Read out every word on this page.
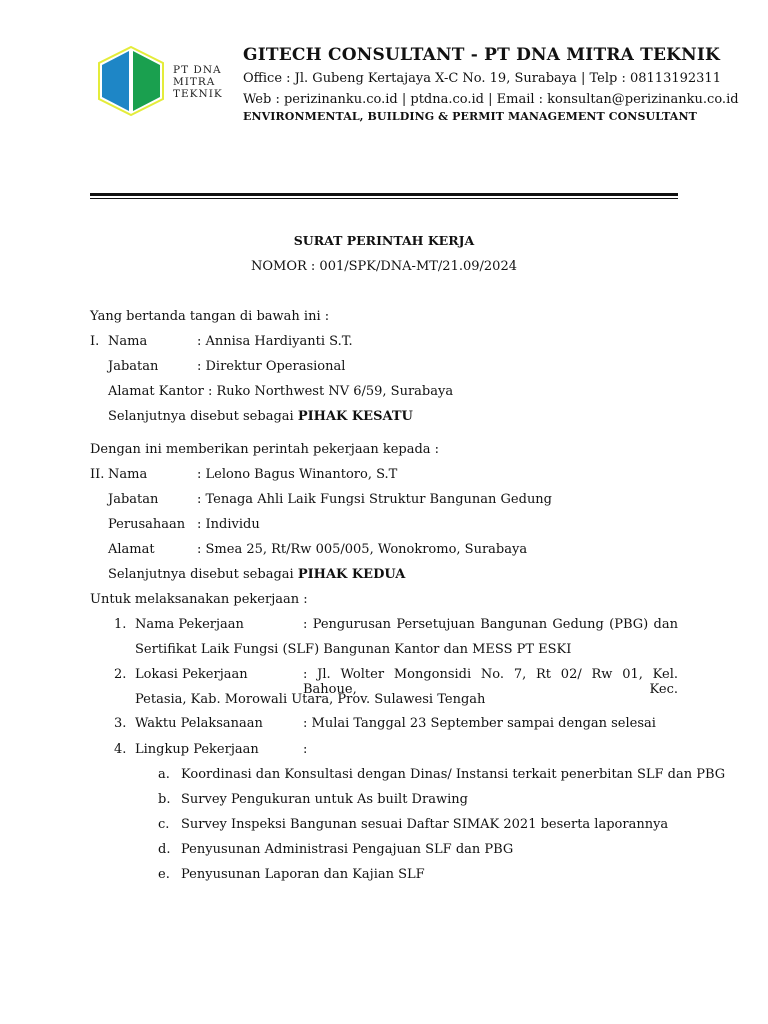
PT DNA
MITRA
TEKNIK
GITECH CONSULTANT - PT DNA MITRA TEKNIK
Office : Jl. Gubeng Kertajaya X-C No. 19, Surabaya | Telp : 08113192311
Web : perizinanku.co.id | ptdna.co.id | Email : konsultan@perizinanku.co.id
ENVIRONMENTAL, BUILDING & PERMIT MANAGEMENT CONSULTANT
SURAT PERINTAH KERJA
NOMOR : 001/SPK/DNA-MT/21.09/2024
Yang bertanda tangan di bawah ini :
I. Nama	: Annisa Hardiyanti S.T.
Jabatan	: Direktur Operasional
Alamat Kantor : Ruko Northwest NV 6/59, Surabaya
Selanjutnya disebut sebagai PIHAK KESATU
Dengan ini memberikan perintah pekerjaan kepada :
II. Nama	: Lelono Bagus Winantoro, S.T
Jabatan	: Tenaga Ahli Laik Fungsi Struktur Bangunan Gedung
Perusahaan : Individu
Alamat	: Smea 25, Rt/Rw 005/005, Wonokromo, Surabaya
Selanjutnya disebut sebagai PIHAK KEDUA
Untuk melaksanakan pekerjaan :
1. Nama Pekerjaan	: Pengurusan Persetujuan Bangunan Gedung (PBG) dan
Sertifikat Laik Fungsi (SLF) Bangunan Kantor dan MESS PT ESKI
2. Lokasi Pekerjaan	: Jl. Wolter Mongonsidi No. 7, Rt 02/ Rw 01, Kel. Bahoue, Kec.
Petasia, Kab. Morowali Utara, Prov. Sulawesi Tengah
3. Waktu Pelaksanaan	: Mulai Tanggal 23 September sampai dengan selesai
4. Lingkup Pekerjaan	:
a. Koordinasi dan Konsultasi dengan Dinas/ Instansi terkait penerbitan SLF dan PBG
b. Survey Pengukuran untuk As built Drawing
c. Survey Inspeksi Bangunan sesuai Daftar SIMAK 2021 beserta laporannya
d. Penyusunan Administrasi Pengajuan SLF dan PBG
e. Penyusunan Laporan dan Kajian SLF
